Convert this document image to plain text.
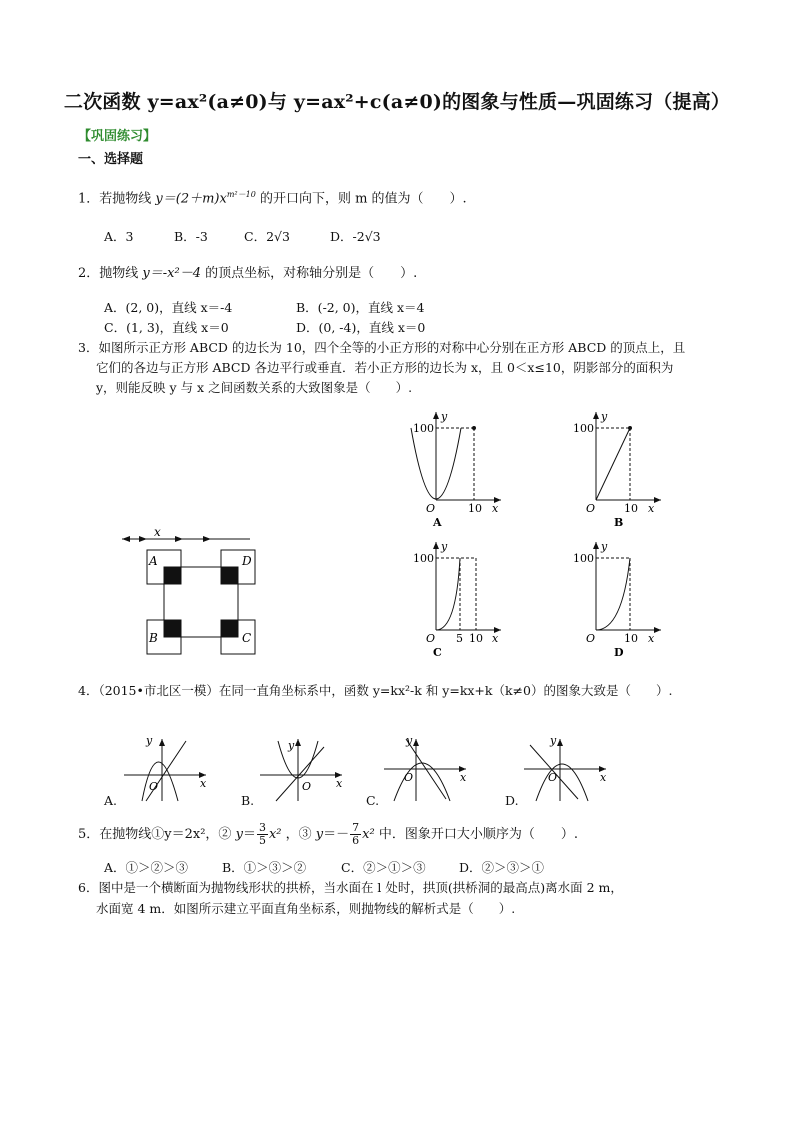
二次函数 y=ax²(a≠0)与 y=ax²+c(a≠0)的图象与性质—巩固练习（提高）
【巩固练习】
一、选择题
1．若抛物线 $y=(2+m)x^{m^2-10}$ 的开口向下，则 m 的值为（　　）.
A．3	B．-3	C．2√3	D．-2√3
2．抛物线 y＝-x²－4 的顶点坐标，对称轴分别是（　　）.
A．(2, 0)，直线 x＝-4	B．(-2, 0)，直线 x＝4
C．(1, 3)，直线 x＝0	D．(0, -4)，直线 x＝0
3．如图所示正方形 ABCD 的边长为 10，四个全等的小正方形的对称中心分别在正方形 ABCD 的顶点上，且
它们的各边与正方形 ABCD 各边平行或垂直．若小正方形的边长为 x，且 0＜x≤10，阴影部分的面积为
y，则能反映 y 与 x 之间函数关系的大致图象是（　　）.
x
A
B	C
D
100
10
y
x
O
A
100
10
y
x
O
B
100
5 10
y
x
O
C
100
10
y
x
O
D
4．（2015•市北区一模）在同一直角坐标系中，函数 y=kx²-k 和 y=kx+k（k≠0）的图象大致是（　　）.
y
x
O
A.
y
x
O
B.
y
x
O
C.
y
x
O
D.
5．在抛物线①y＝2x²，② $y= \frac{3}{5} x^2$ ，③ $y=- \frac{7}{6} x^2$ 中．图象开口大小顺序为（　　）.
A．①＞②＞③	B．①＞③＞②	C．②＞①＞③	D．②＞③＞①
6．图中是一个横断面为抛物线形状的拱桥，当水面在 l 处时，拱顶(拱桥洞的最高点)离水面 2 m，
水面宽 4 m．如图所示建立平面直角坐标系，则抛物线的解析式是（　　）.
